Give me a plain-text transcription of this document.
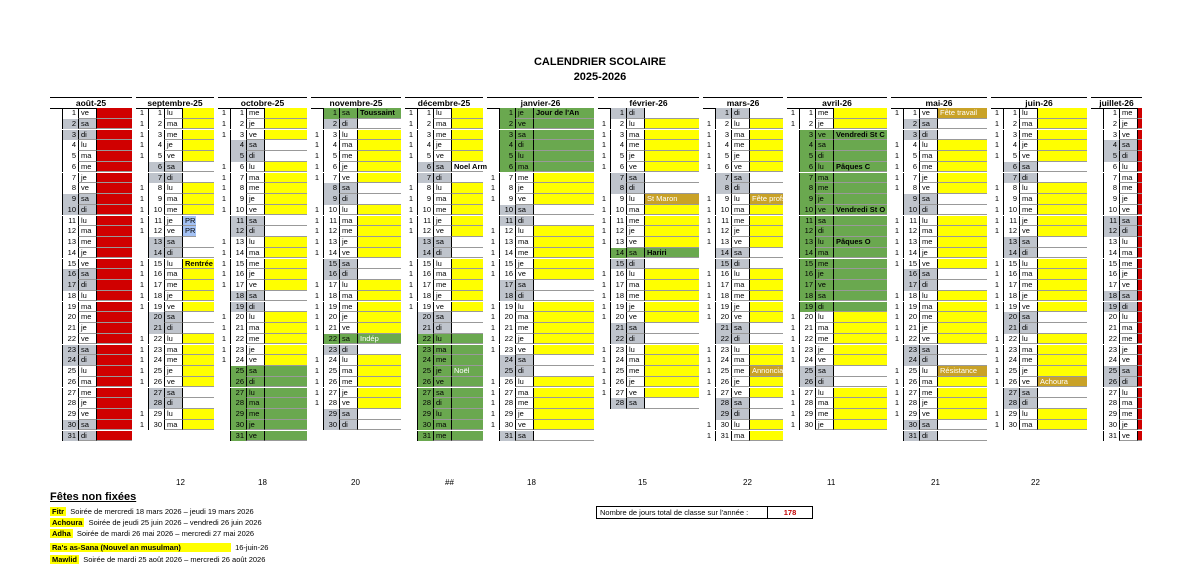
CALENDRIER SCOLAIRE
2025-2026
août-25
1 ve
2 sa
3 di
4 lu
5 ma
6 me
7 je
8 ve
9 sa
10 di
11 lu
12 ma
13 me
14 je
15 ve
16 sa
17 di
18 lu
19 ma
20 me
21 je
22 ve
23 sa
24 di
25 lu
26 ma
27 me
28 je
29 ve
30 sa
31 di
septembre-25
1	1 lu
1	2 ma
1	3 me
1	4 je
1	5 ve
6 sa
7 di
1	8 lu
1	9 ma
1	10 me
1	11 je	PR
1	12 ve	PR
13 sa
14 di
1	15 lu	Rentrée
1	16 ma
1	17 me
1	18 je
1	19 ve
20 sa
21 di
1	22 lu
1	23 ma
1	24 me
1	25 je
1	26 ve
27 sa
28 di
1	29 lu
1	30 ma
12
octobre-25
1	1 me
1	2 je
1	3 ve
4 sa
5 di
1	6 lu
1	7 ma
1	8 me
1	9 je
1	10 ve
11 sa
12 di
1	13 lu
1	14 ma
1	15 me
1	16 je
1	17 ve
18 sa
19 di
1	20 lu
1	21 ma
1	22 me
1	23 je
1	24 ve
25 sa
26 di
27 lu
28 ma
29 me
30 je
31 ve
18
novembre-25
1 sa	Toussaint
2 di
1	3 lu
1	4 ma
1	5 me
1	6 je
1	7 ve
8 sa
9 di
1	10 lu
1	11 ma
1	12 me
1	13 je
1	14 ve
15 sa
16 di
1	17 lu
1	18 ma
1	19 me
1	20 je
1	21 ve
22 sa	Indép
23 di
1	24 lu
1	25 ma
1	26 me
1	27 je
1	28 ve
29 sa
30 di
20
décembre-25
1	1 lu
1	2 ma
1	3 me
1	4 je
1	5 ve
6 sa	Noel Arm
7 di
1	8 lu
1	9 ma
1	10 me
1	11 je
1	12 ve
13 sa
14 di
1	15 lu
1	16 ma
1	17 me
1	18 je
1	19 ve
20 sa
21 di
22 lu
23 ma
24 me
25 je	Noël
26 ve
27 sa
28 di
29 lu
30 ma
31 me
##
janvier-26
1 je	Jour de l'An
2 ve
3 sa
4 di
5 lu
6 ma
1	7 me
1	8 je
1	9 ve
10 sa
11 di
1	12 lu
1	13 ma
1	14 me
1	15 je
1	16 ve
17 sa
18 di
1	19 lu
1	20 ma
1	21 me
1	22 je
1	23 ve
24 sa
25 di
1	26 lu
1	27 ma
1	28 me
1	29 je
1	30 ve
31 sa
18
février-26
1 di
1	2 lu
1	3 ma
1	4 me
1	5 je
1	6 ve
7 sa
8 di
1	9 lu	St Maron
1	10 ma
1	11 me
1	12 je
1	13 ve
14 sa	Hariri
15 di
1	16 lu
1	17 ma
1	18 me
1	19 je
1	20 ve
21 sa
22 di
1	23 lu
1	24 ma
1	25 me
1	26 je
1	27 ve
28 sa
15
mars-26
1 di
1	2 lu
1	3 ma
1	4 me
1	5 je
1	6 ve
7 sa
8 di
1	9 lu	Fête profs
1	10 ma
1	11 me
1	12 je
1	13 ve
14 sa
15 di
1	16 lu
1	17 ma
1	18 me
1	19 je
1	20 ve
21 sa
22 di
1	23 lu
1	24 ma
1	25 me	Annonciat
1	26 je
1	27 ve
28 sa
29 di
1	30 lu
1	31 ma
22
avril-26
1	1 me
1	2 je
3 ve	Vendredi St C
4 sa
5 di
6 lu	Pâques C
7 ma
8 me
9 je
10 ve	Vendredi St O
11 sa
12 di
13 lu	Pâques O
14 ma
15 me
16 je
17 ve
18 sa
19 di
1	20 lu
1	21 ma
1	22 me
1	23 je
1	24 ve
25 sa
26 di
1	27 lu
1	28 ma
1	29 me
1	30 je
11
mai-26
1	1 ve	Fête travail
2 sa
3 di
1	4 lu
1	5 ma
1	6 me
1	7 je
1	8 ve
9 sa
10 di
1	11 lu
1	12 ma
1	13 me
1	14 je
1	15 ve
16 sa
17 di
1	18 lu
1	19 ma
1	20 me
1	21 je
1	22 ve
23 sa
24 di
1	25 lu	Résistance
1	26 ma
1	27 me
1	28 je
1	29 ve
30 sa
31 di
21
juin-26
1	1 lu
1	2 ma
1	3 me
1	4 je
1	5 ve
6 sa
7 di
1	8 lu
1	9 ma
1	10 me
1	11 je
1	12 ve
13 sa
14 di
1	15 lu
1	16 ma
1	17 me
1	18 je
1	19 ve
20 sa
21 di
1	22 lu
1	23 ma
1	24 me
1	25 je
1	26 ve	Achoura
27 sa
28 di
1	29 lu
1	30 ma
22
juillet-26
1 me
2 je
3 ve
4 sa
5 di
6 lu
7 ma
8 me
9 je
10 ve
11 sa
12 di
13 lu
14 ma
15 me
16 je
17 ve
18 sa
19 di
20 lu
21 ma
22 me
23 je
24 ve
25 sa
26 di
27 lu
28 ma
29 me
30 je
31 ve
Fêtes non fixées
Fitr Soirée de mercredi 18 mars 2026 – jeudi 19 mars 2026
Achoura Soirée de jeudi 25 juin 2026 – vendredi 26 juin 2026
Adha Soirée de mardi 26 mai 2026 – mercredi 27 mai 2026
Ra's as-Sana (Nouvel an musulman)	16-juin-26
Mawlid Soirée de mardi 25 août 2026 – mercredi 26 août 2026
Nombre de jours total de classe sur l'année :	178
